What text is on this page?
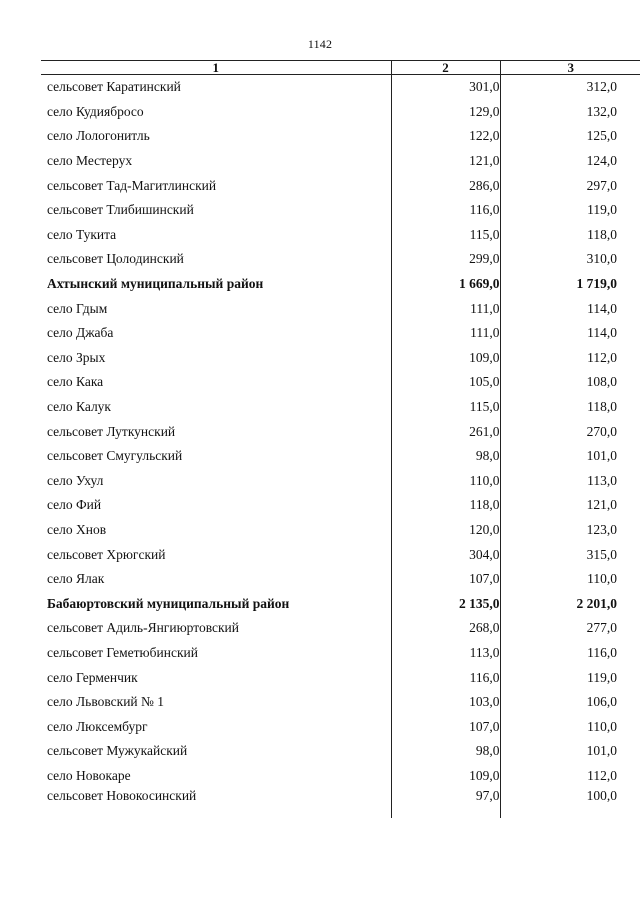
1142
1	2	3
сельсовет Каратинский	301,0	312,0
село Кудиябросо	129,0	132,0
село Лологонитль	122,0	125,0
село Местерух	121,0	124,0
сельсовет Тад-Магитлинский	286,0	297,0
сельсовет Тлибишинский	116,0	119,0
село Тукита	115,0	118,0
сельсовет Цолодинский	299,0	310,0
Ахтынский муниципальный район	1 669,0	1 719,0
село Гдым	111,0	114,0
село Джаба	111,0	114,0
село Зрых	109,0	112,0
село Кака	105,0	108,0
село Калук	115,0	118,0
сельсовет Луткунский	261,0	270,0
сельсовет Смугульский	98,0	101,0
село Ухул	110,0	113,0
село Фий	118,0	121,0
село Хнов	120,0	123,0
сельсовет Хрюгский	304,0	315,0
село Ялак	107,0	110,0
Бабаюртовский муниципальный район	2 135,0	2 201,0
сельсовет Адиль-Янгиюртовский	268,0	277,0
сельсовет Геметюбинский	113,0	116,0
село Герменчик	116,0	119,0
село Львовский № 1	103,0	106,0
село Люксембург	107,0	110,0
сельсовет Мужукайский	98,0	101,0
село Новокаре	109,0	112,0
сельсовет Новокосинский	97,0	100,0
